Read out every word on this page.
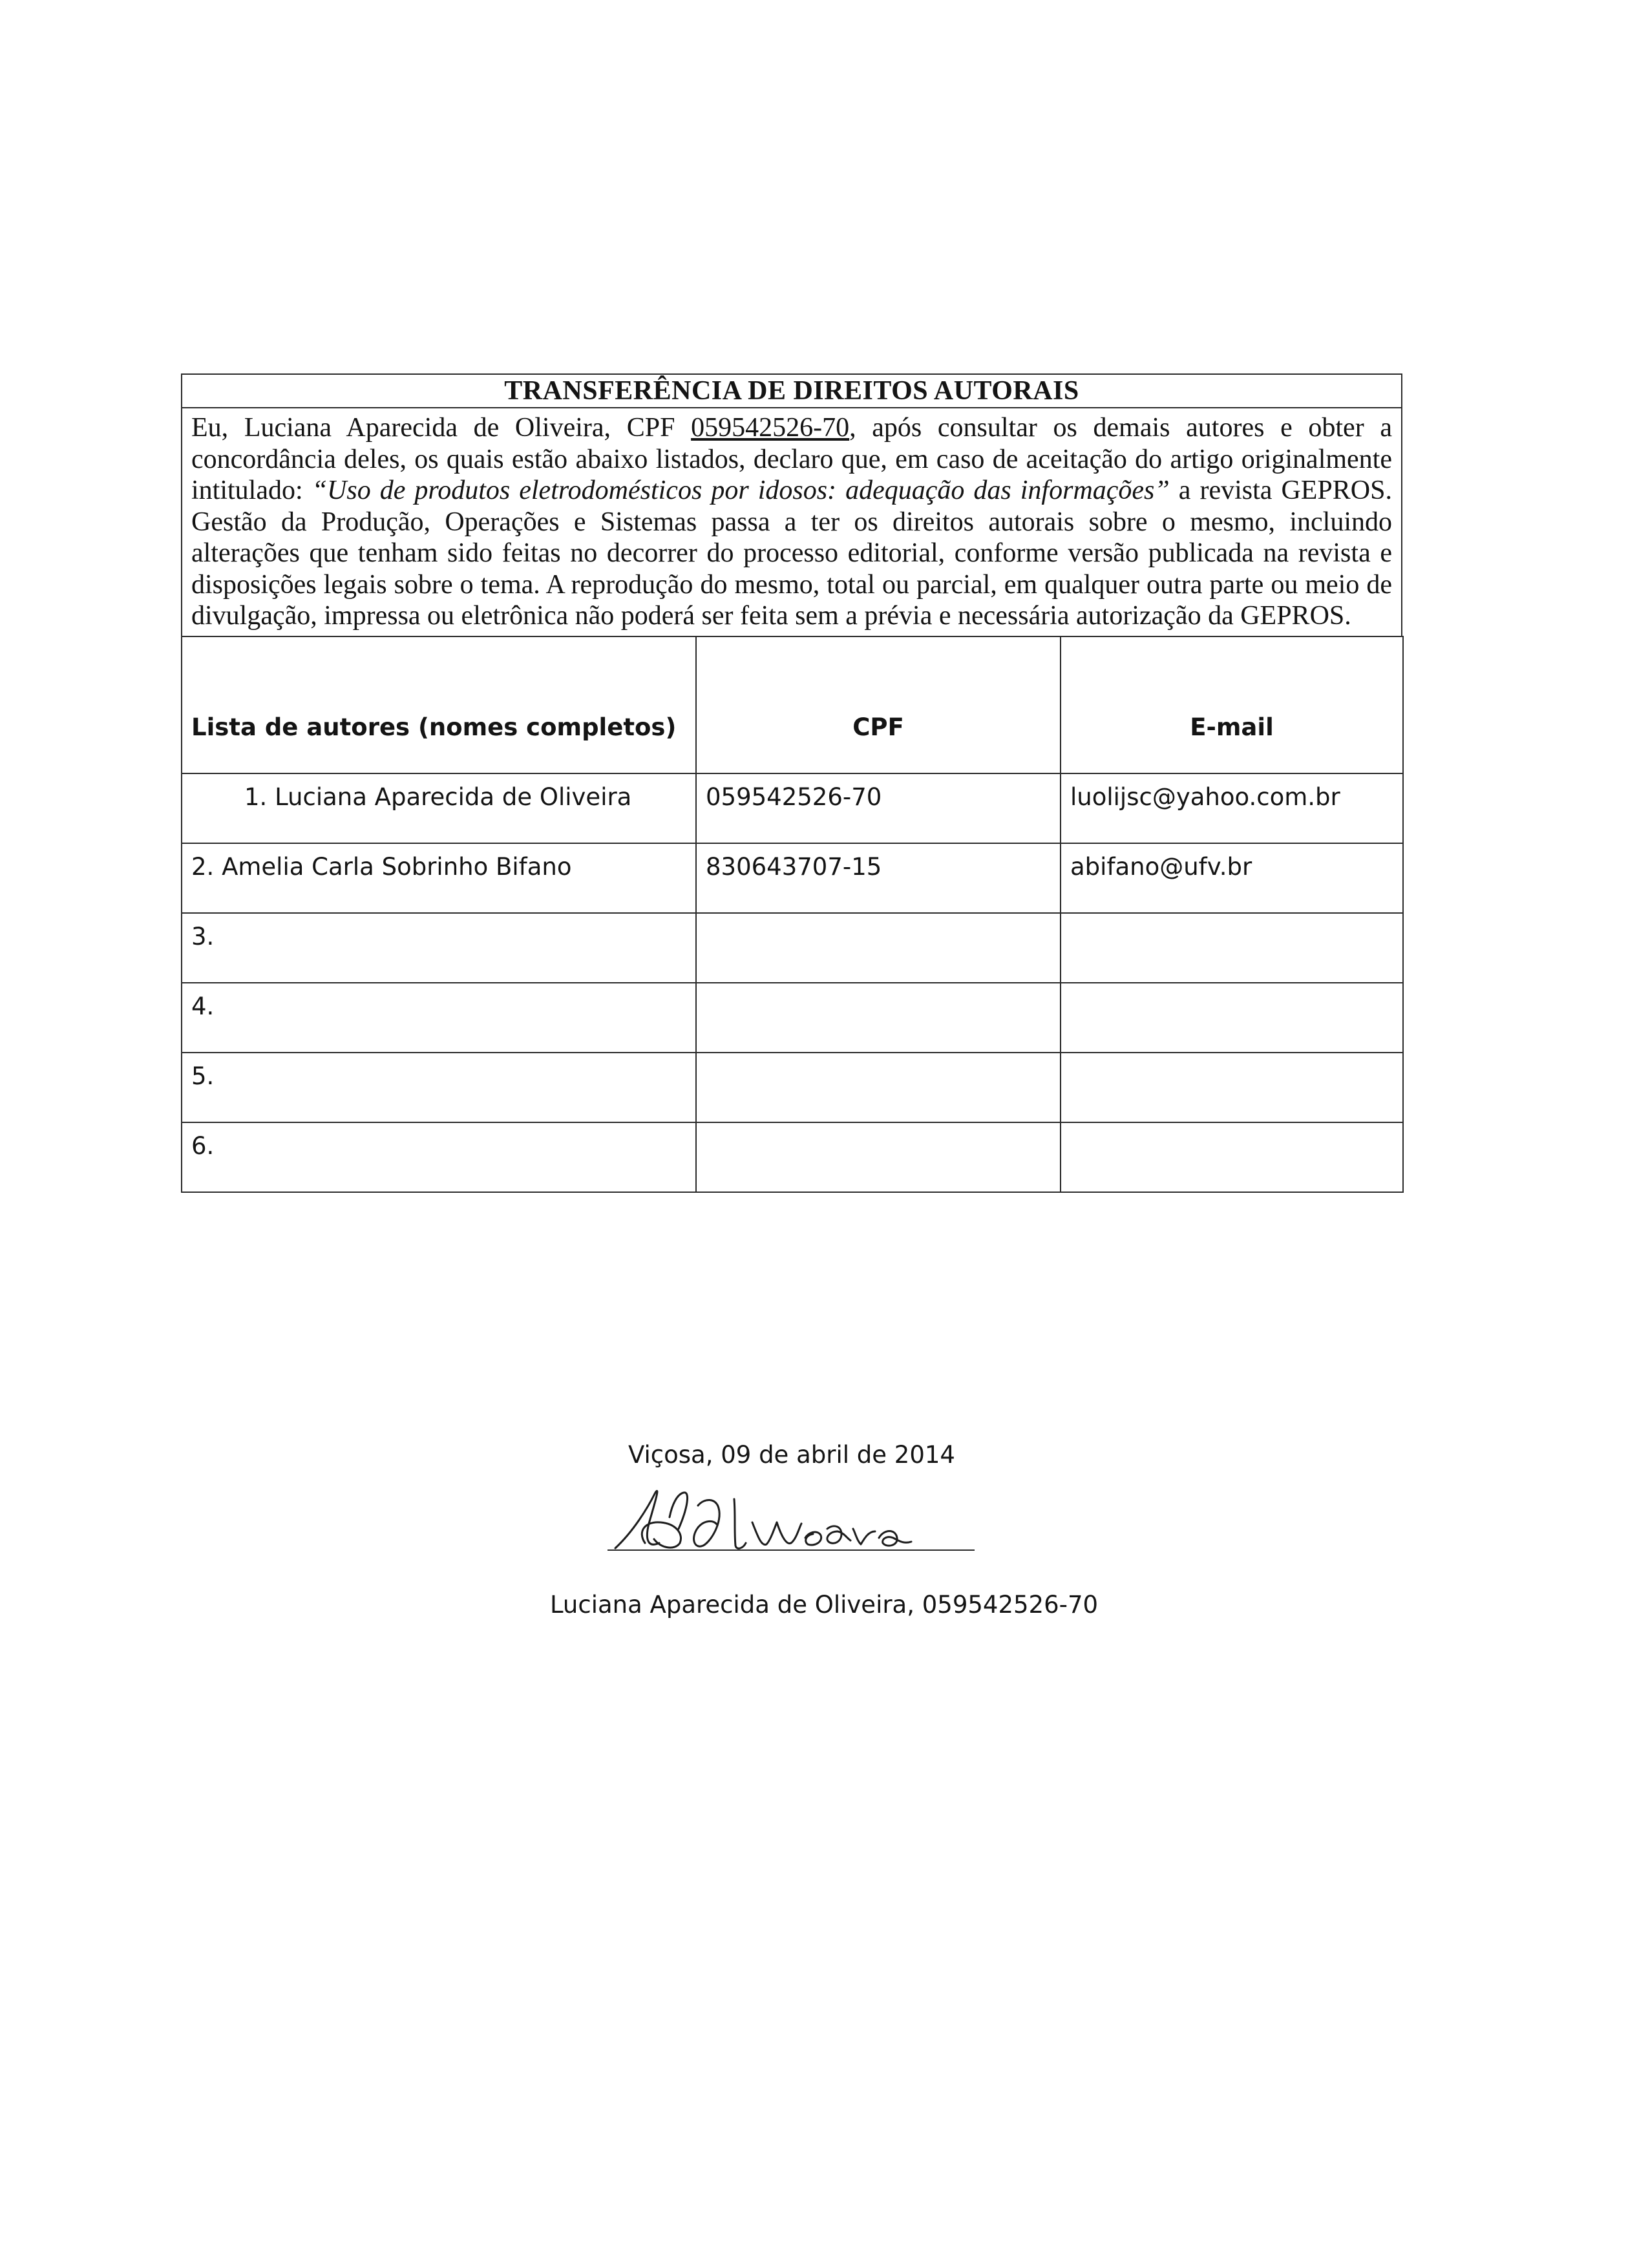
TRANSFERÊNCIA DE DIREITOS AUTORAIS

Eu, Luciana Aparecida de Oliveira, CPF 059542526-70, após consultar os demais autores e obter a concordância deles, os quais estão abaixo listados, declaro que, em caso de aceitação do artigo originalmente intitulado: “Uso de produtos eletrodomésticos por idosos: adequação das informações” a revista GEPROS. Gestão da Produção, Operações e Sistemas passa a ter os direitos autorais sobre o mesmo, incluindo alterações que tenham sido feitas no decorrer do processo editorial, conforme versão publicada na revista e disposições legais sobre o tema. A reprodução do mesmo, total ou parcial, em qualquer outra parte ou meio de divulgação, impressa ou eletrônica não poderá ser feita sem a prévia e necessária autorização da GEPROS.

Lista de autores (nomes completos)	CPF	E-mail
1. Luciana Aparecida de Oliveira	059542526-70	luolijsc@yahoo.com.br
2. Amelia Carla Sobrinho Bifano	830643707-15	abifano@ufv.br
3.		
4.		
5.		
6.		
Viçosa, 09 de abril de 2014
Luciana Aparecida de Oliveira, 059542526-70
